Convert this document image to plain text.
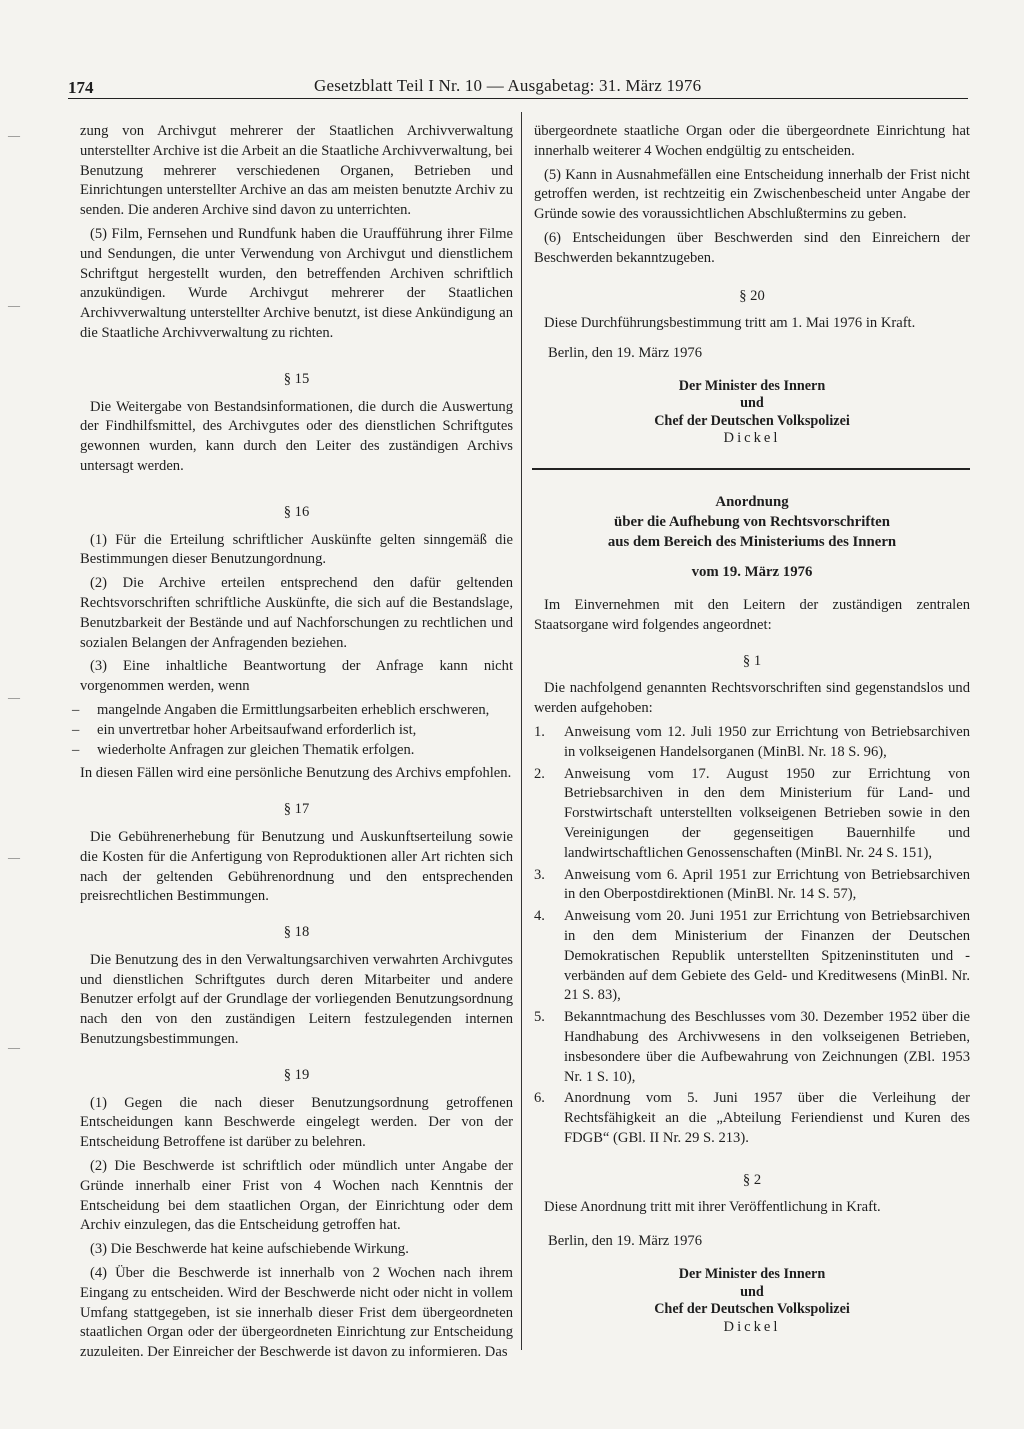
174	Gesetzblatt Teil I Nr. 10 — Ausgabetag: 31. März 1976

zung von Archivgut mehrerer der Staatlichen Archivverwaltung unterstellter Archive ist die Arbeit an die Staatliche Archivverwaltung, bei Benutzung mehrerer verschiedenen Organen, Betrieben und Einrichtungen unterstellter Archive an das am meisten benutzte Archiv zu senden. Die anderen Archive sind davon zu unterrichten.

(5) Film, Fernsehen und Rundfunk haben die Uraufführung ihrer Filme und Sendungen, die unter Verwendung von Archivgut und dienstlichem Schriftgut hergestellt wurden, den betreffenden Archiven schriftlich anzukündigen. Wurde Archivgut mehrerer der Staatlichen Archivverwaltung unterstellter Archive benutzt, ist diese Ankündigung an die Staatliche Archivverwaltung zu richten.

§ 15

Die Weitergabe von Bestandsinformationen, die durch die Auswertung der Findhilfsmittel, des Archivgutes oder des dienstlichen Schriftgutes gewonnen wurden, kann durch den Leiter des zuständigen Archivs untersagt werden.

§ 16

(1) Für die Erteilung schriftlicher Auskünfte gelten sinngemäß die Bestimmungen dieser Benutzungordnung.

(2) Die Archive erteilen entsprechend den dafür geltenden Rechtsvorschriften schriftliche Auskünfte, die sich auf die Bestandslage, Benutzbarkeit der Bestände und auf Nachforschungen zu rechtlichen und sozialen Belangen der Anfragenden beziehen.

(3) Eine inhaltliche Beantwortung der Anfrage kann nicht vorgenommen werden, wenn

– mangelnde Angaben die Ermittlungsarbeiten erheblich erschweren,
– ein unvertretbar hoher Arbeitsaufwand erforderlich ist,
– wiederholte Anfragen zur gleichen Thematik erfolgen.

In diesen Fällen wird eine persönliche Benutzung des Archivs empfohlen.

§ 17

Die Gebührenerhebung für Benutzung und Auskunftserteilung sowie die Kosten für die Anfertigung von Reproduktionen aller Art richten sich nach der geltenden Gebührenordnung und den entsprechenden preisrechtlichen Bestimmungen.

§ 18

Die Benutzung des in den Verwaltungsarchiven verwahrten Archivgutes und dienstlichen Schriftgutes durch deren Mitarbeiter und andere Benutzer erfolgt auf der Grundlage der vorliegenden Benutzungsordnung nach den von den zuständigen Leitern festzulegenden internen Benutzungsbestimmungen.

§ 19

(1) Gegen die nach dieser Benutzungsordnung getroffenen Entscheidungen kann Beschwerde eingelegt werden. Der von der Entscheidung Betroffene ist darüber zu belehren.

(2) Die Beschwerde ist schriftlich oder mündlich unter Angabe der Gründe innerhalb einer Frist von 4 Wochen nach Kenntnis der Entscheidung bei dem staatlichen Organ, der Einrichtung oder dem Archiv einzulegen, das die Entscheidung getroffen hat.

(3) Die Beschwerde hat keine aufschiebende Wirkung.

(4) Über die Beschwerde ist innerhalb von 2 Wochen nach ihrem Eingang zu entscheiden. Wird der Beschwerde nicht oder nicht in vollem Umfang stattgegeben, ist sie innerhalb dieser Frist dem übergeordneten staatlichen Organ oder der übergeordneten Einrichtung zur Entscheidung zuzuleiten. Der Einreicher der Beschwerde ist davon zu informieren. Das

übergeordnete staatliche Organ oder die übergeordnete Einrichtung hat innerhalb weiterer 4 Wochen endgültig zu entscheiden.

(5) Kann in Ausnahmefällen eine Entscheidung innerhalb der Frist nicht getroffen werden, ist rechtzeitig ein Zwischenbescheid unter Angabe der Gründe sowie des voraussichtlichen Abschlußtermins zu geben.

(6) Entscheidungen über Beschwerden sind den Einreichern der Beschwerden bekanntzugeben.

§ 20

Diese Durchführungsbestimmung tritt am 1. Mai 1976 in Kraft.

Berlin, den 19. März 1976
Der Minister des Innern
und
Chef der Deutschen Volkspolizei
Dickel
Anordnung
über die Aufhebung von Rechtsvorschriften
aus dem Bereich des Ministeriums des Innern
vom 19. März 1976

Im Einvernehmen mit den Leitern der zuständigen zentralen Staatsorgane wird folgendes angeordnet:

§ 1

Die nachfolgend genannten Rechtsvorschriften sind gegenstandslos und werden aufgehoben:

1. Anweisung vom 12. Juli 1950 zur Errichtung von Betriebsarchiven in volkseigenen Handelsorganen (MinBl. Nr. 18 S. 96),
2. Anweisung vom 17. August 1950 zur Errichtung von Betriebsarchiven in den dem Ministerium für Land- und Forstwirtschaft unterstellten volkseigenen Betrieben sowie in den Vereinigungen der gegenseitigen Bauernhilfe und landwirtschaftlichen Genossenschaften (MinBl. Nr. 24 S. 151),
3. Anweisung vom 6. April 1951 zur Errichtung von Betriebsarchiven in den Oberpostdirektionen (MinBl. Nr. 14 S. 57),
4. Anweisung vom 20. Juni 1951 zur Errichtung von Betriebsarchiven in den dem Ministerium der Finanzen der Deutschen Demokratischen Republik unterstellten Spitzeninstituten und -verbänden auf dem Gebiete des Geld- und Kreditwesens (MinBl. Nr. 21 S. 83),
5. Bekanntmachung des Beschlusses vom 30. Dezember 1952 über die Handhabung des Archivwesens in den volkseigenen Betrieben, insbesondere über die Aufbewahrung von Zeichnungen (ZBl. 1953 Nr. 1 S. 10),
6. Anordnung vom 5. Juni 1957 über die Verleihung der Rechtsfähigkeit an die „Abteilung Feriendienst und Kuren des FDGB“ (GBl. II Nr. 29 S. 213).
§ 2

Diese Anordnung tritt mit ihrer Veröffentlichung in Kraft.

Berlin, den 19. März 1976
Der Minister des Innern
und
Chef der Deutschen Volkspolizei
Dickel
—
—
—
—
—
